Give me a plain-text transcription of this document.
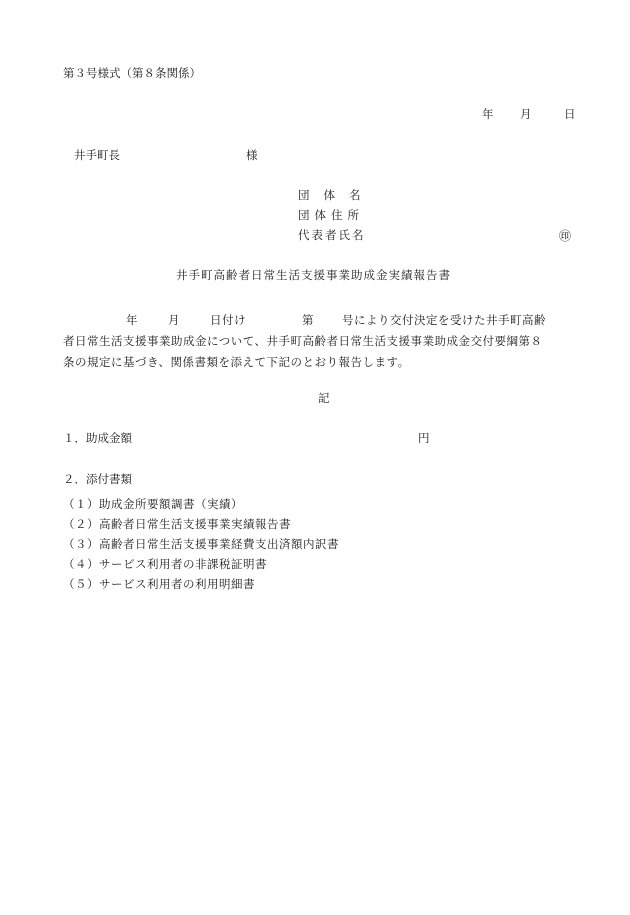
第３号様式（第８条関係）
年 月	日
井手町長	様
団体名
団体住所
代表者氏名	㊞
井手町高齢者日常生活支援事業助成金実績報告書
年	月	日付け	第 号により交付決定を受けた井手町高齢
者日常生活支援事業助成金について、井手町高齢者日常生活支援事業助成金交付要綱第８
条の規定に基づき、関係書類を添えて下記のとおり報告します。
記
１．助成金額	円
２．添付書類
（１）助成金所要額調書（実績）
（２）高齢者日常生活支援事業実績報告書
（３）高齢者日常生活支援事業経費支出済額内訳書
（４）サービス利用者の非課税証明書
（５）サービス利用者の利用明細書
